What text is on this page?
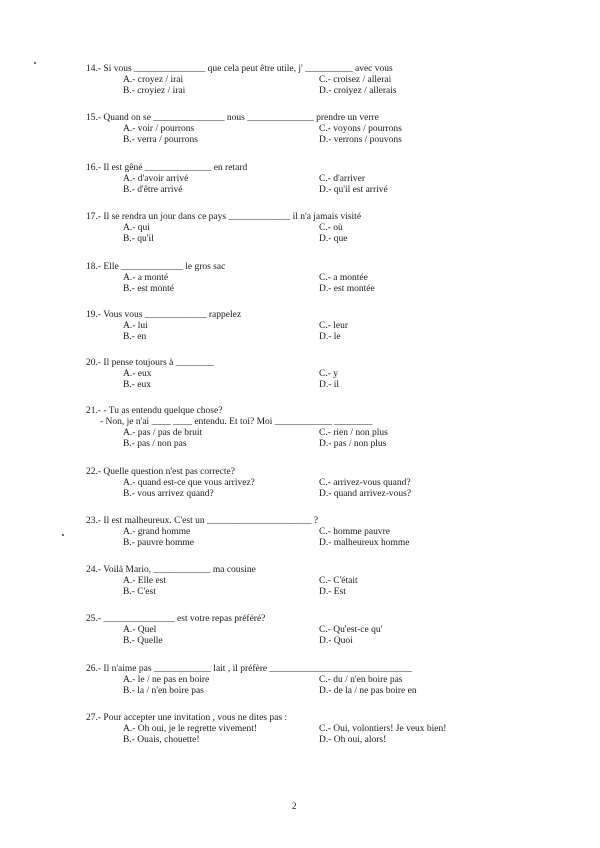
14.- Si vous _______________ que cela peut être utile, j' __________ avec vous
A.- croyez / irai	C.- croisez / allerai
B.- croyiez / irai	D.- croiyez / allerais
15.- Quand on se _______________ nous ______________ prendre un verre
A.- voir / pourrons	C.- voyons / pourrons
B.- verra / pourrons	D.- verrons / pouvons
16.- Il est gêné ______________ en retard
A.- d'avoir arrivé	C.- d'arriver
B.- d'être arrivé	D.- qu'il est arrivé
17.- Il se rendra un jour dans ce pays _____________ il n'a jamais visité
A.- qui	C.- où
B.- qu'il	D.- que
18.- Elle _____________ le gros sac
A.- a monté	C.- a montée
B.- est monté	D.- est montée
19.- Vous vous _____________ rappelez
A.- lui	C.- leur
B.- en	D.- le
20.- Il pense toujours à ________
A.- eux	C.- y
B.- eux	D.- il
21.- - Tu as entendu quelque chose?
- Non, je n'ai ____ ____ entendu. Et toi? Moi ____________ ________
A.- pas / pas de bruit	C.- rien / non plus
B.- pas / non pas	D.- pas / non plus
22.- Quelle question n'est pas correcte?
A.- quand est-ce que vous arrivez?	C.- arrivez-vous quand?
B.- vous arrivez quand?	D.- quand arrivez-vous?
23.- Il est malheureux. C'est un ______________________ ?
A.- grand homme	C.- homme pauvre
B.- pauvre homme	D.- malheureux homme
24.- Voilà Mario, ____________ ma cousine
A.- Elle est	C.- C'était
B.- C'est	D.- Est
25.- _______________ est votre repas préféré?
A.- Quel	C.- Qu'est-ce qu'
B.- Quelle	D.- Quoi
26.- Il n'aime pas ____________ lait , il préfère ______________________________
A.- le / ne pas en boire	C.- du / n'en boire pas
B.- la / n'en boire pas	D.- de la / ne pas boire en
27.- Pour accepter une invitation , vous ne dites pas :
A.- Oh oui, je le regrette vivement!	C.- Oui, volontiers! Je veux bien!
B.- Ouais, chouette!	D.- Oh oui, alors!
2
